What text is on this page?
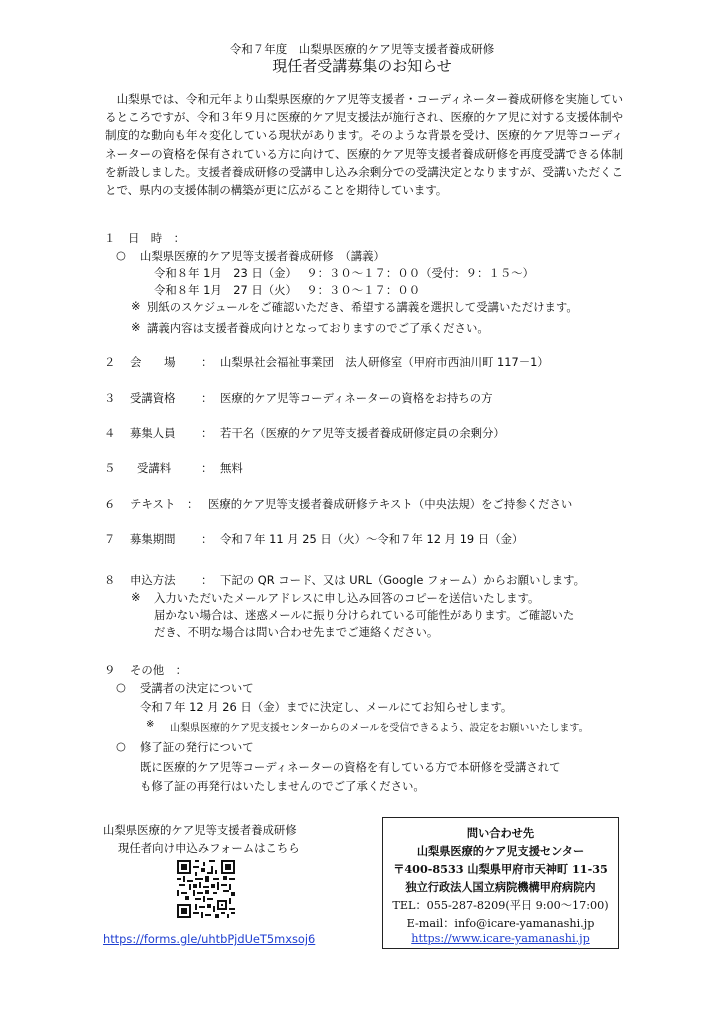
令和７年度　山梨県医療的ケア児等支援者養成研修
現任者受講募集のお知らせ
山梨県では、令和元年より山梨県医療的ケア児等支援者・コーディネーター養成研修を実施しているところですが、令和３年９月に医療的ケア児支援法が施行され、医療的ケア児に対する支援体制や制度的な動向も年々変化している現状があります。そのような背景を受け、医療的ケア児等コーディネーターの資格を保有されている方に向けて、医療的ケア児等支援者養成研修を再度受講できる体制を新設しました。支援者養成研修の受講申し込み余剰分での受講決定となりますが、受講いただくことで、県内の支援体制の構築が更に広がることを期待しています。
１ 日　時　：
○ 山梨県医療的ケア児等支援者養成研修　（講義）
令和８年 1月　23 日（金）　 ９：３０～１７：００（受付：９：１５～）
令和８年 1月　27 日（火）　 ９：３０～１７：００
※ 別紙のスケジュールをご確認いただき、希望する講義を選択して受講いただけます。
※ 講義内容は支援者養成向けとなっておりますのでご了承ください。
２ 会　　場 ： 山梨県社会福祉事業団　法人研修室（甲府市西油川町 117－1）
３ 受講資格 ： 医療的ケア児等コーディネーターの資格をお持ちの方
４ 募集人員 ： 若干名（医療的ケア児等支援者養成研修定員の余剰分）
５ 受講料	： 無料
６ テキスト ： 医療的ケア児等支援者養成研修テキスト（中央法規）をご持参ください
７ 募集期間 ： 令和７年 11 月 25 日（火）～令和７年 12 月 19 日（金）
８ 申込方法 ： 下記の QR コード、又は URL（Google フォーム）からお願いします。
※ 入力いただいたメールアドレスに申し込み回答のコピーを送信いたします。
届かない場合は、迷惑メールに振り分けられている可能性があります。ご確認いた
だき、不明な場合は問い合わせ先までご連絡ください。
９ その他　：
○ 受講者の決定について
令和７年 12 月 26 日（金）までに決定し、メールにてお知らせします。
※ 山梨県医療的ケア児支援センターからのメールを受信できるよう、設定をお願いいたします。
○ 修了証の発行について
既に医療的ケア児等コーディネーターの資格を有している方で本研修を受講されて
も修了証の再発行はいたしませんのでご了承ください。
山梨県医療的ケア児等支援者養成研修
現任者向け申込みフォームはこちら
https://forms.gle/uhtbPjdUeT5mxsoj6
問い合わせ先
山梨県医療的ケア児支援センター
〒400-8533 山梨県甲府市天神町 11-35
独立行政法人国立病院機構甲府病院内
TEL：055-287-8209(平日 9:00～17:00)
E-mail：info@icare-yamanashi.jp
https://www.icare-yamanashi.jp
